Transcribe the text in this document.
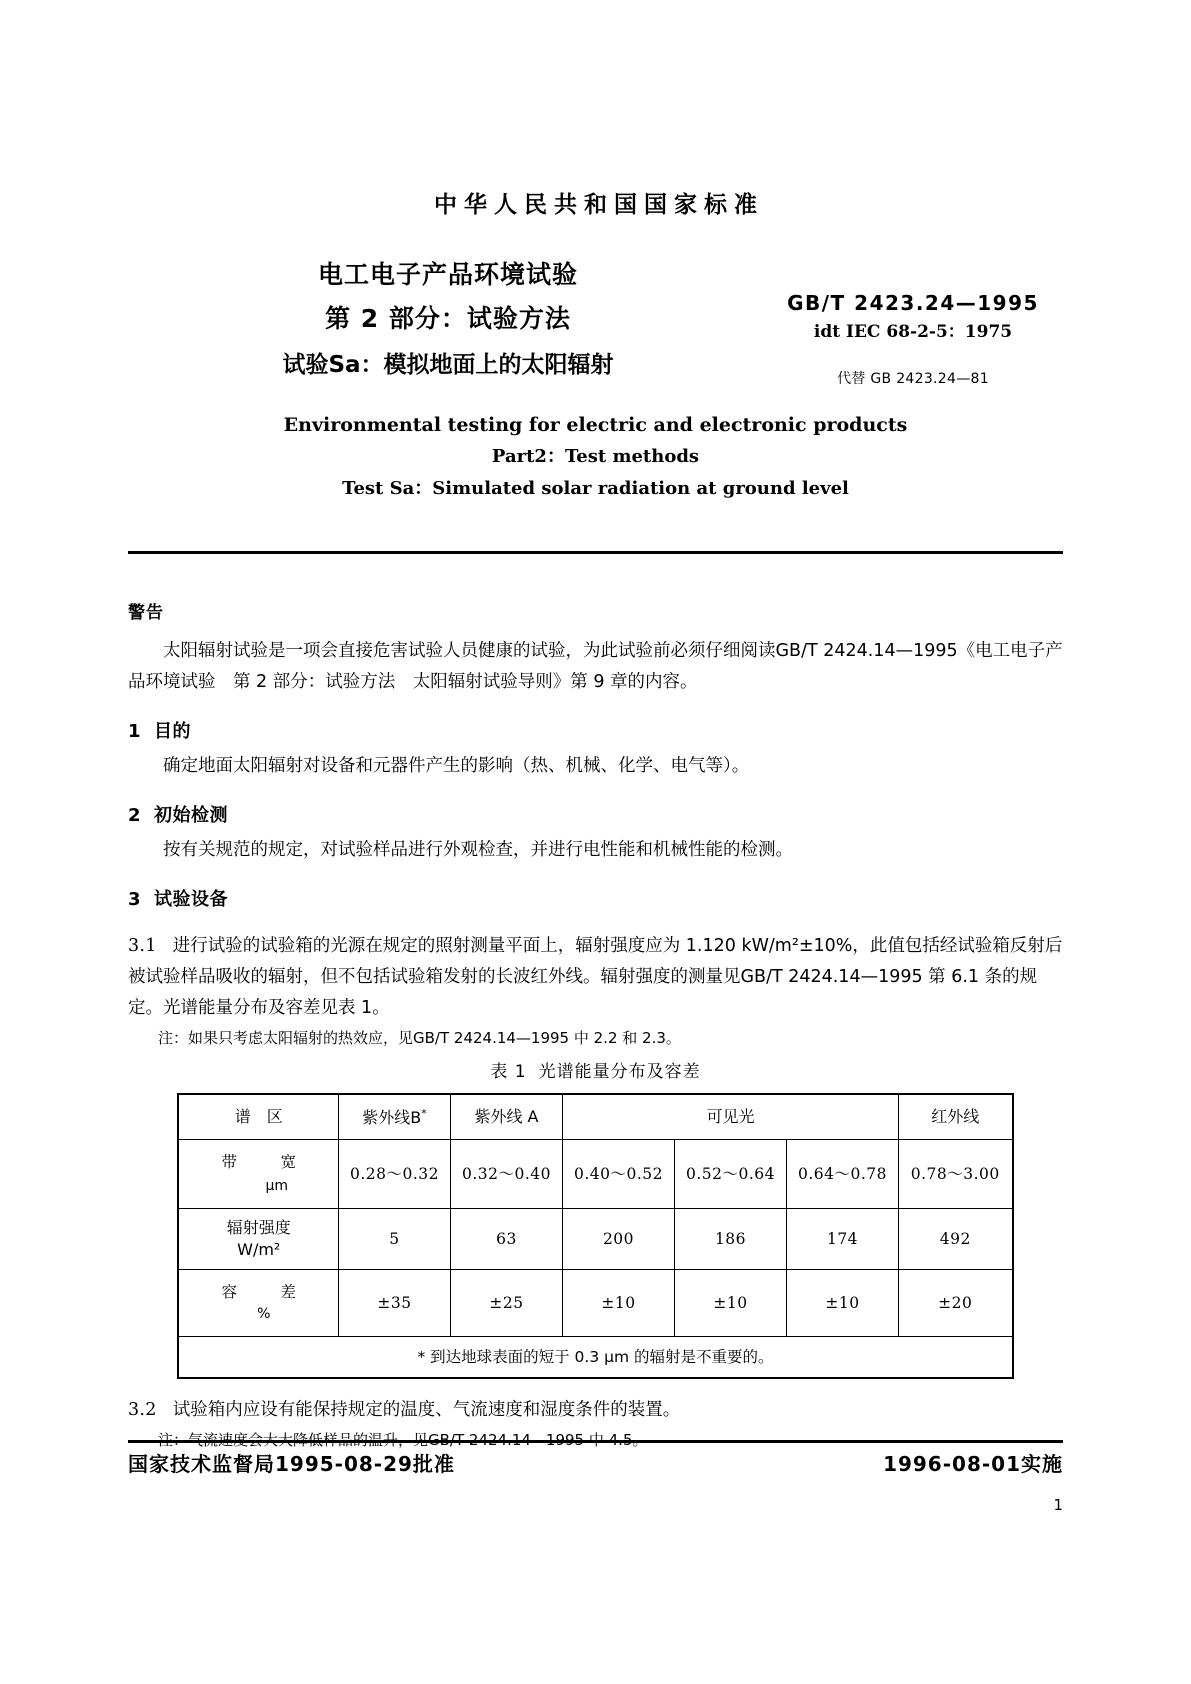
中华人民共和国国家标准
电工电子产品环境试验
第 2 部分：试验方法
试验Sa：模拟地面上的太阳辐射
GB/T 2423.24—1995
idt IEC 68-2-5：1975
代替 GB 2423.24—81
Environmental testing for electric and electronic products
Part2：Test methods
Test Sa：Simulated solar radiation at ground level
警告
太阳辐射试验是一项会直接危害试验人员健康的试验，为此试验前必须仔细阅读GB/T 2424.14—1995《电工电子产品环境试验　第 2 部分：试验方法　太阳辐射试验导则》第 9 章的内容。
1 目的
确定地面太阳辐射对设备和元器件产生的影响（热、机械、化学、电气等）。
2 初始检测
按有关规范的规定，对试验样品进行外观检查，并进行电性能和机械性能的检测。
3 试验设备
3.1 进行试验的试验箱的光源在规定的照射测量平面上，辐射强度应为 1.120 kW/m²±10%，此值包括经试验箱反射后被试验样品吸收的辐射，但不包括试验箱发射的长波红外线。辐射强度的测量见GB/T 2424.14—1995 第 6.1 条的规定。光谱能量分布及容差见表 1。
注：如果只考虑太阳辐射的热效应，见GB/T 2424.14—1995 中 2.2 和 2.3。
表 1 光谱能量分布及容差
谱　区	紫外线B*	紫外线 A	可见光			红外线

带　宽
μm	0.28～0.32	0.32～0.40	0.40～0.52	0.52～0.64	0.64～0.78	0.78～3.00

辐射强度
W/m²	5	63	200	186	174	492

容　差
%	±35	±25	±10	±10	±10	±20
* 到达地球表面的短于 0.3 μm 的辐射是不重要的。						
3.2 试验箱内应设有能保持规定的温度、气流速度和湿度条件的装置。
注：气流速度会大大降低样品的温升，见GB/T 2424.14—1995 中 4.5。
国家技术监督局1995-08-29批准	1996-08-01实施
1
